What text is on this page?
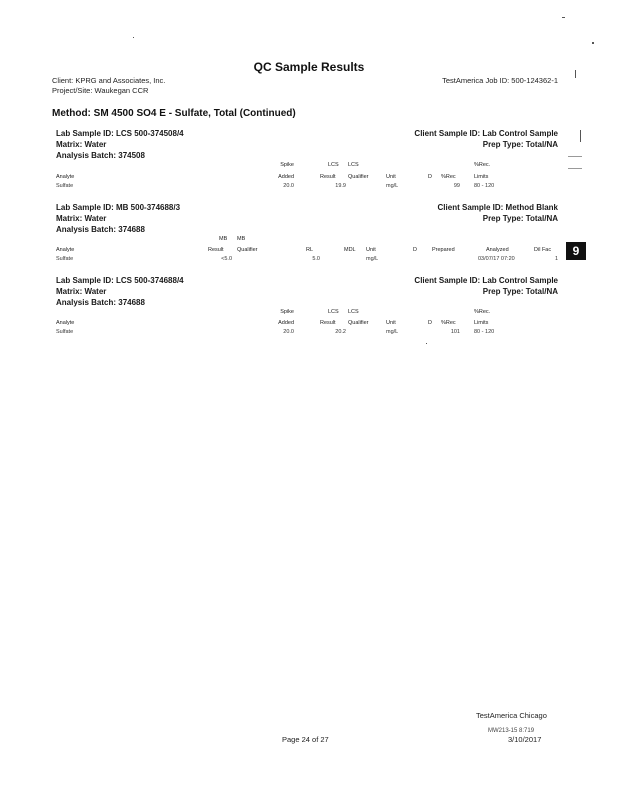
QC Sample Results
Client: KPRG and Associates, Inc.
Project/Site: Waukegan CCR
TestAmerica Job ID: 500-124362-1
Method: SM 4500 SO4 E - Sulfate, Total (Continued)
Lab Sample ID: LCS 500-374508/4	Client Sample ID: Lab Control Sample
Matrix: Water	Prep Type: Total/NA
Analysis Batch: 374508
Spike	LCS LCS	%Rec.
Analyte	Added	Result Qualifier	Unit	D %Rec	Limits
Sulfate	20.0	19.9	mg/L	99	80 - 120
Lab Sample ID: MB 500-374688/3	Client Sample ID: Method Blank
Matrix: Water	Prep Type: Total/NA
Analysis Batch: 374688
MB MB
Analyte	Result Qualifier	RL	MDL Unit	D	Prepared	Analyzed	Dil Fac
Sulfate	<5.0	5.0	mg/L	03/07/17 07:20	1
9
Lab Sample ID: LCS 500-374688/4	Client Sample ID: Lab Control Sample
Matrix: Water	Prep Type: Total/NA
Analysis Batch: 374688
Spike	LCS LCS	%Rec.
Analyte	Added	Result Qualifier	Unit	D %Rec	Limits
Sulfate	20.0	20.2	mg/L	101	80 - 120
TestAmerica Chicago
MW213-15 8:719
Page 24 of 27	3/10/2017
